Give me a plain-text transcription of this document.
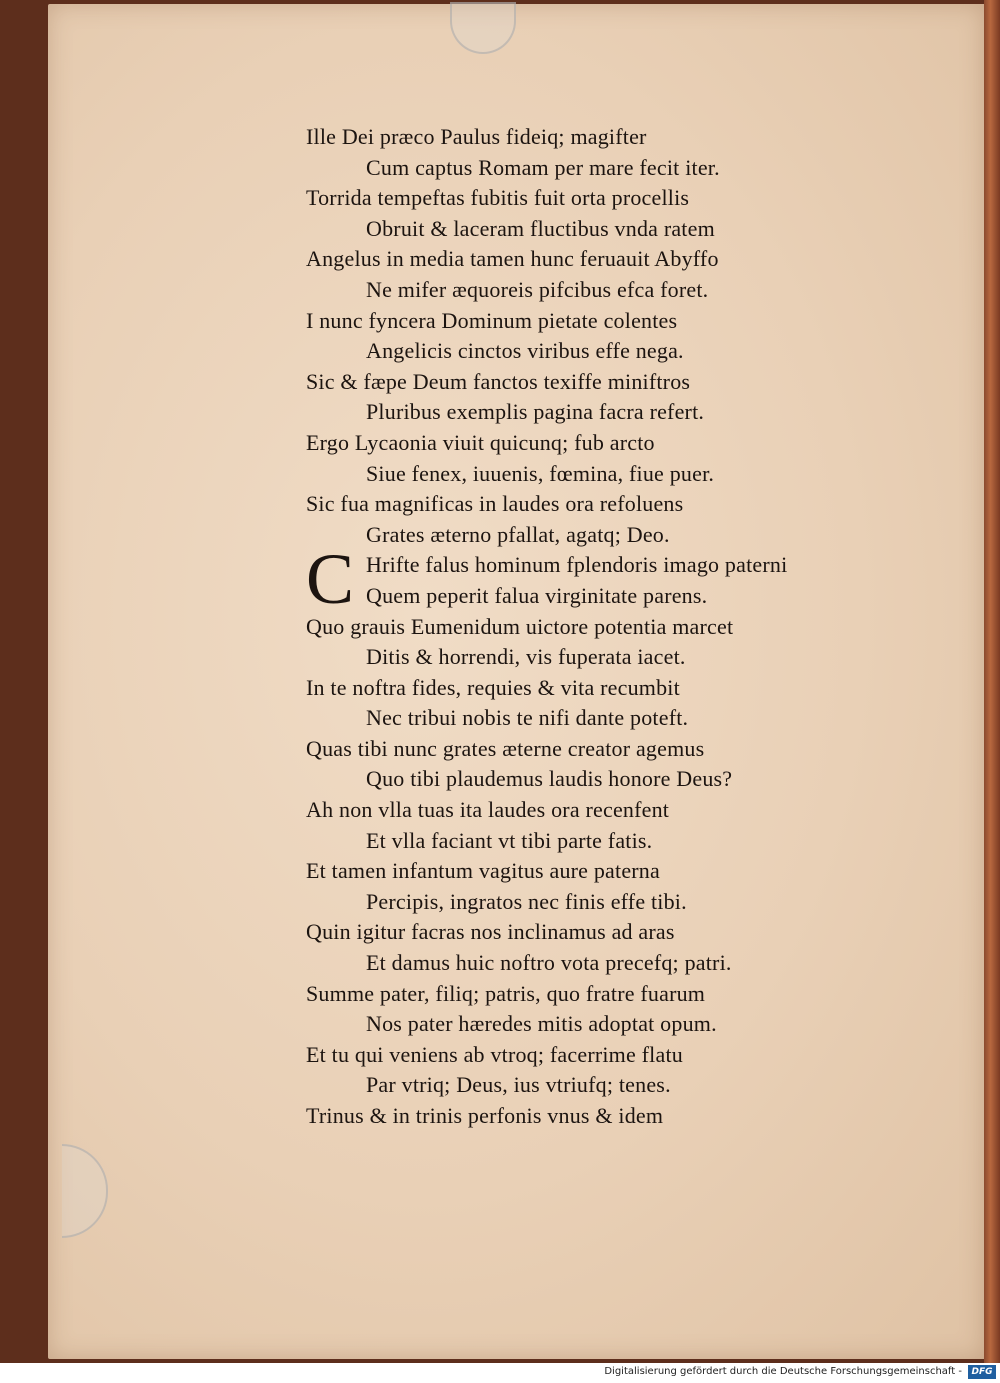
Ille Dei præco Paulus fideiq; magifter
Cum captus Romam per mare fecit iter.
Torrida tempeftas fubitis fuit orta procellis
Obruit & laceram fluctibus vnda ratem
Angelus in media tamen hunc feruauit Abyffo
Ne mifer æquoreis pifcibus efca foret.
I nunc fyncera Dominum pietate colentes
Angelicis cinctos viribus effe nega.
Sic & fæpe Deum fanctos texiffe miniftros
Pluribus exemplis pagina facra refert.
Ergo Lycaonia viuit quicunq; fub arcto
Siue fenex, iuuenis, fœmina, fiue puer.
Sic fua magnificas in laudes ora refoluens
Grates æterno pfallat, agatq; Deo.
C Hrifte falus hominum fplendoris imago paterni
Quem peperit falua virginitate parens.
Quo grauis Eumenidum uictore potentia marcet
Ditis & horrendi, vis fuperata iacet.
In te noftra fides, requies & vita recumbit
Nec tribui nobis te nifi dante poteft.
Quas tibi nunc grates æterne creator agemus
Quo tibi plaudemus laudis honore Deus?
Ah non vlla tuas ita laudes ora recenfent
Et vlla faciant vt tibi parte fatis.
Et tamen infantum vagitus aure paterna
Percipis, ingratos nec finis effe tibi.
Quin igitur facras nos inclinamus ad aras
Et damus huic noftro vota precefq; patri.
Summe pater, filiq; patris, quo fratre fuarum
Nos pater hæredes mitis adoptat opum.
Et tu qui veniens ab vtroq; facerrime flatu
Par vtriq; Deus, ius vtriufq; tenes.
Trinus & in trinis perfonis vnus & idem
Digitalisierung gefördert durch die Deutsche Forschungsgemeinschaft -	DFG
